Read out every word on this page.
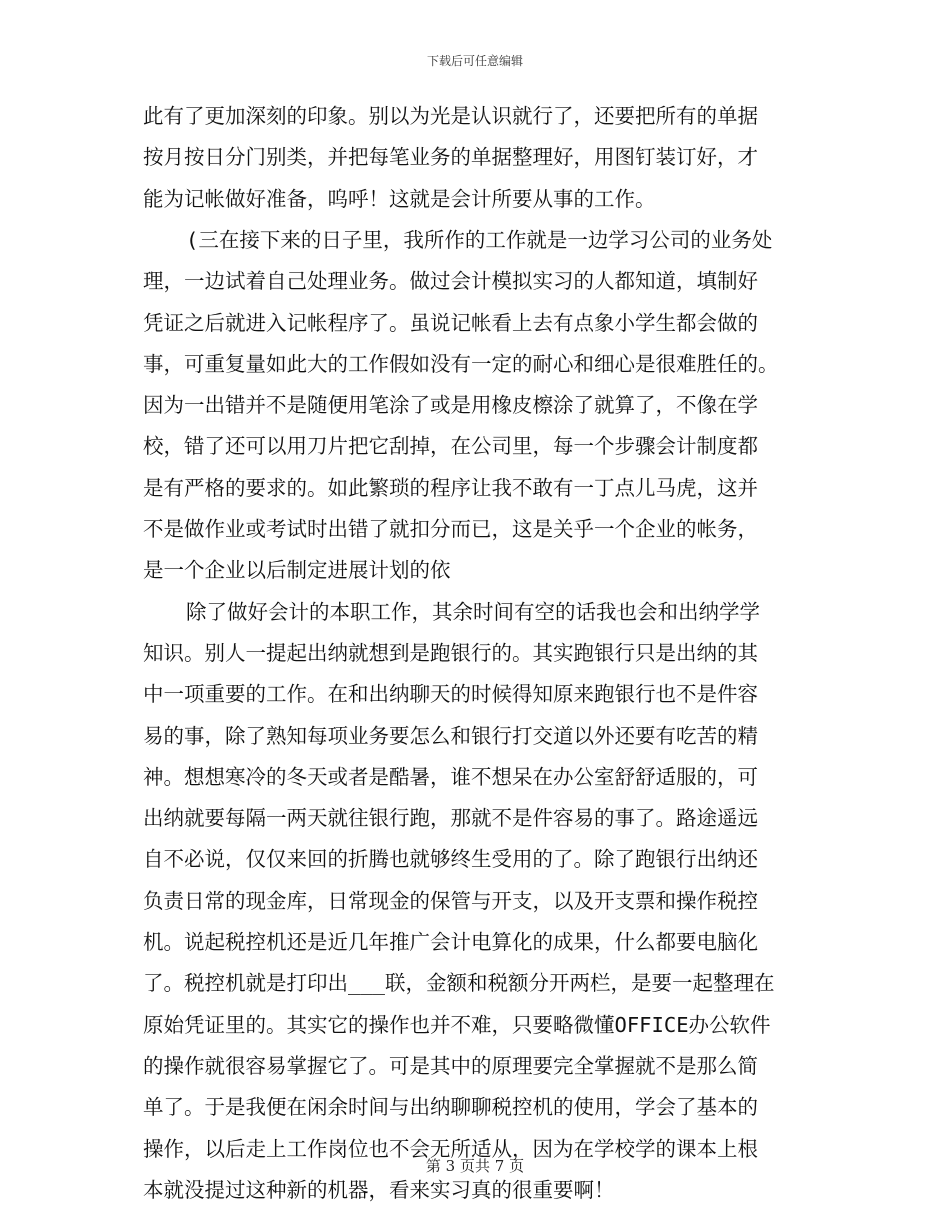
下载后可任意编辑
第 3 页共 7 页
此有了更加深刻的印象。别以为光是认识就行了，还要把所有的单据
按月按日分门别类，并把每笔业务的单据整理好，用图钉装订好，才
能为记帐做好准备，呜呼！这就是会计所要从事的工作。
(三在接下来的日子里，我所作的工作就是一边学习公司的业务处
理，一边试着自己处理业务。做过会计模拟实习的人都知道，填制好
凭证之后就进入记帐程序了。虽说记帐看上去有点象小学生都会做的
事，可重复量如此大的工作假如没有一定的耐心和细心是很难胜任的。
因为一出错并不是随便用笔涂了或是用橡皮檫涂了就算了，不像在学
校，错了还可以用刀片把它刮掉，在公司里，每一个步骤会计制度都
是有严格的要求的。如此繁琐的程序让我不敢有一丁点儿马虎，这并
不是做作业或考试时出错了就扣分而已，这是关乎一个企业的帐务，
是一个企业以后制定进展计划的依
除了做好会计的本职工作，其余时间有空的话我也会和出纳学学
知识。别人一提起出纳就想到是跑银行的。其实跑银行只是出纳的其
中一项重要的工作。在和出纳聊天的时候得知原来跑银行也不是件容
易的事，除了熟知每项业务要怎么和银行打交道以外还要有吃苦的精
神。想想寒冷的冬天或者是酷暑，谁不想呆在办公室舒舒适服的，可
出纳就要每隔一两天就往银行跑，那就不是件容易的事了。路途遥远
自不必说，仅仅来回的折腾也就够终生受用的了。除了跑银行出纳还
负责日常的现金库，日常现金的保管与开支，以及开支票和操作税控
机。说起税控机还是近几年推广会计电算化的成果，什么都要电脑化
了。税控机就是打印出___联，金额和税额分开两栏，是要一起整理在
原始凭证里的。其实它的操作也并不难，只要略微懂OFFICE办公软件
的操作就很容易掌握它了。可是其中的原理要完全掌握就不是那么简
单了。于是我便在闲余时间与出纳聊聊税控机的使用，学会了基本的
操作，以后走上工作岗位也不会无所适从，因为在学校学的课本上根
本就没提过这种新的机器，看来实习真的很重要啊！
